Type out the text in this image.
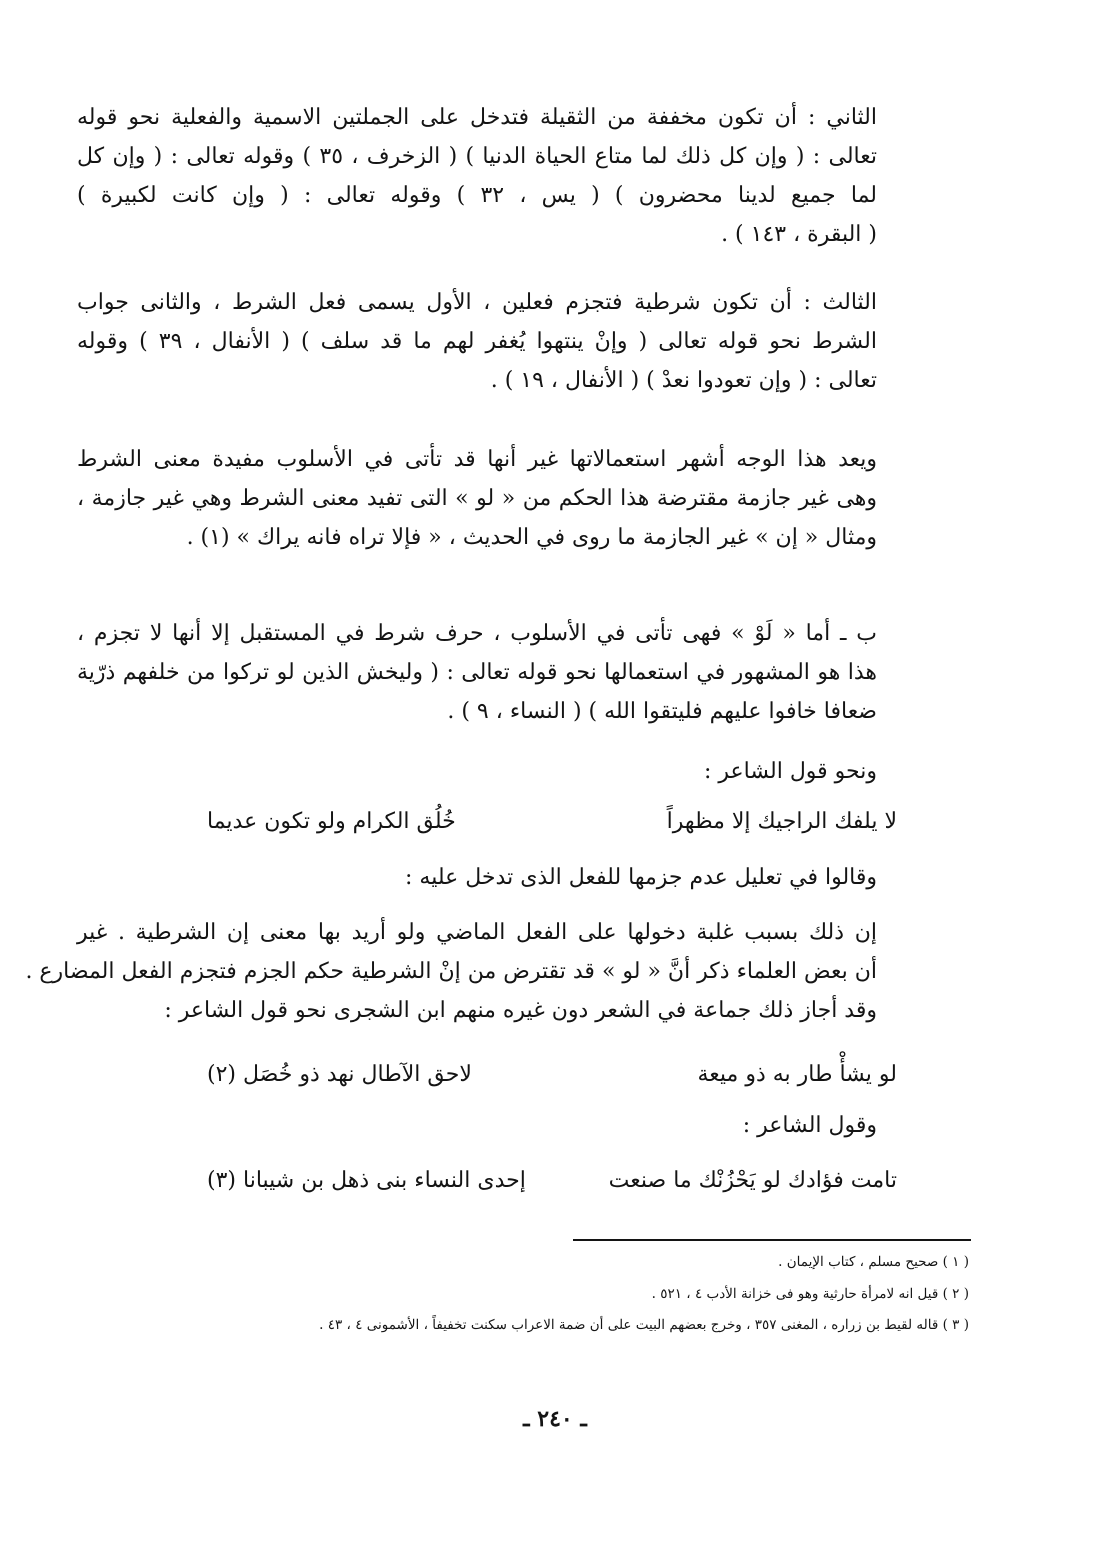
الثاني : أن تكون مخففة من الثقيلة فتدخل على الجملتين الاسمية والفعلية نحو قوله
تعالى : ( وإن كل ذلك لما متاع الحياة الدنيا ) ( الزخرف ، ٣٥ ) وقوله تعالى : ( وإن كل
لما جميع لدينا محضرون ) ( يس ، ٣٢ ) وقوله تعالى : ( وإن كانت لكبيرة )
( البقرة ، ١٤٣ ) .
الثالث : أن تكون شرطية فتجزم فعلين ، الأول يسمى فعل الشرط ، والثانى جواب
الشرط نحو قوله تعالى ( وإنْ ينتهوا يُغفر لهم ما قد سلف ) ( الأنفال ، ٣٩ ) وقوله
تعالى : ( وإن تعودوا نعدْ ) ( الأنفال ، ١٩ ) .
ويعد هذا الوجه أشهر استعمالاتها غير أنها قد تأتى في الأسلوب مفيدة معنى الشرط
وهى غير جازمة مقترضة هذا الحكم من « لو » التى تفيد معنى الشرط وهي غير جازمة ،
ومثال « إن » غير الجازمة ما روى في الحديث ، « فإلا تراه فانه يراك » (١) .
ب ـ أما « لَوْ » فهى تأتى في الأسلوب ، حرف شرط في المستقبل إلا أنها لا تجزم ،
هذا هو المشهور في استعمالها نحو قوله تعالى : ( وليخش الذين لو تركوا من خلفهم ذرّية
ضعافا خافوا عليهم فليتقوا الله ) ( النساء ، ٩ ) .
ونحو قول الشاعر :
لا يلفك الراجيك إلا مظهراً
خُلُق الكرام ولو تكون عديما
وقالوا في تعليل عدم جزمها للفعل الذى تدخل عليه :
إن ذلك بسبب غلبة دخولها على الفعل الماضي ولو أريد بها معنى إن الشرطية . غير
أن بعض العلماء ذكر أنَّ « لو » قد تقترض من إنْ الشرطية حكم الجزم فتجزم الفعل المضارع .
وقد أجاز ذلك جماعة في الشعر دون غيره منهم ابن الشجرى نحو قول الشاعر :
لو يشأْ طار به ذو ميعة
لاحق الآطال نهد ذو خُصَل (٢)
وقول الشاعر :
تامت فؤادك لو يَحْزُنْك ما صنعت
إحدى النساء بنى ذهل بن شيبانا (٣)
( ١ ) صحيح مسلم ، كتاب الإيمان .
( ٢ ) قيل انه لامرأة حارثية وهو فى خزانة الأدب ٤ ، ٥٢١ .
( ٣ ) قاله لقيط بن زراره ، المغنى ٣٥٧ ، وخرج بعضهم البيت على أن ضمة الاعراب سكنت تخفيفاً ، الأشمونى ٤ ، ٤٣ .
ـ ٢٤٠ ـ
